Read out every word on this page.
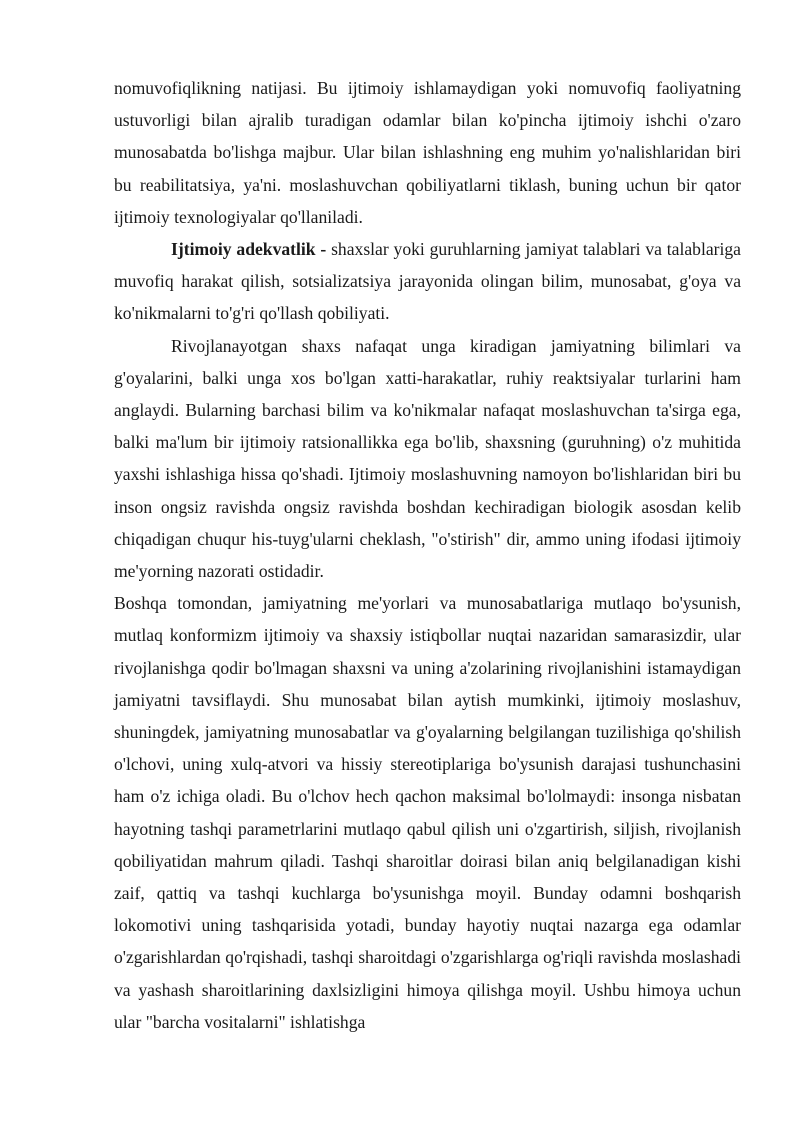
nomuvofiqlikning natijasi. Bu ijtimoiy ishlamaydigan yoki nomuvofiq faoliyatning ustuvorligi bilan ajralib turadigan odamlar bilan ko'pincha ijtimoiy ishchi o'zaro munosabatda bo'lishga majbur. Ular bilan ishlashning eng muhim yo'nalishlaridan biri bu reabilitatsiya, ya'ni. moslashuvchan qobiliyatlarni tiklash, buning uchun bir qator ijtimoiy texnologiyalar qo'llaniladi.

Ijtimoiy adekvatlik - shaxslar yoki guruhlarning jamiyat talablari va talablariga muvofiq harakat qilish, sotsializatsiya jarayonida olingan bilim, munosabat, g'oya va ko'nikmalarni to'g'ri qo'llash qobiliyati.

Rivojlanayotgan shaxs nafaqat unga kiradigan jamiyatning bilimlari va g'oyalarini, balki unga xos bo'lgan xatti-harakatlar, ruhiy reaktsiyalar turlarini ham anglaydi. Bularning barchasi bilim va ko'nikmalar nafaqat moslashuvchan ta'sirga ega, balki ma'lum bir ijtimoiy ratsionallikka ega bo'lib, shaxsning (guruhning) o'z muhitida yaxshi ishlashiga hissa qo'shadi. Ijtimoiy moslashuvning namoyon bo'lishlaridan biri bu inson ongsiz ravishda ongsiz ravishda boshdan kechiradigan biologik asosdan kelib chiqadigan chuqur his-tuyg'ularni cheklash, "o'stirish" dir, ammo uning ifodasi ijtimoiy me'yorning nazorati ostidadir.

Boshqa tomondan, jamiyatning me'yorlari va munosabatlariga mutlaqo bo'ysunish, mutlaq konformizm ijtimoiy va shaxsiy istiqbollar nuqtai nazaridan samarasizdir, ular rivojlanishga qodir bo'lmagan shaxsni va uning a'zolarining rivojlanishini istamaydigan jamiyatni tavsiflaydi. Shu munosabat bilan aytish mumkinki, ijtimoiy moslashuv, shuningdek, jamiyatning munosabatlar va g'oyalarning belgilangan tuzilishiga qo'shilish o'lchovi, uning xulq-atvori va hissiy stereotiplariga bo'ysunish darajasi tushunchasini ham o'z ichiga oladi. Bu o'lchov hech qachon maksimal bo'lolmaydi: insonga nisbatan hayotning tashqi parametrlarini mutlaqo qabul qilish uni o'zgartirish, siljish, rivojlanish qobiliyatidan mahrum qiladi. Tashqi sharoitlar doirasi bilan aniq belgilanadigan kishi zaif, qattiq va tashqi kuchlarga bo'ysunishga moyil. Bunday odamni boshqarish lokomotivi uning tashqarisida yotadi, bunday hayotiy nuqtai nazarga ega odamlar o'zgarishlardan qo'rqishadi, tashqi sharoitdagi o'zgarishlarga og'riqli ravishda moslashadi va yashash sharoitlarining daxlsizligini himoya qilishga moyil. Ushbu himoya uchun ular "barcha vositalarni" ishlatishga
